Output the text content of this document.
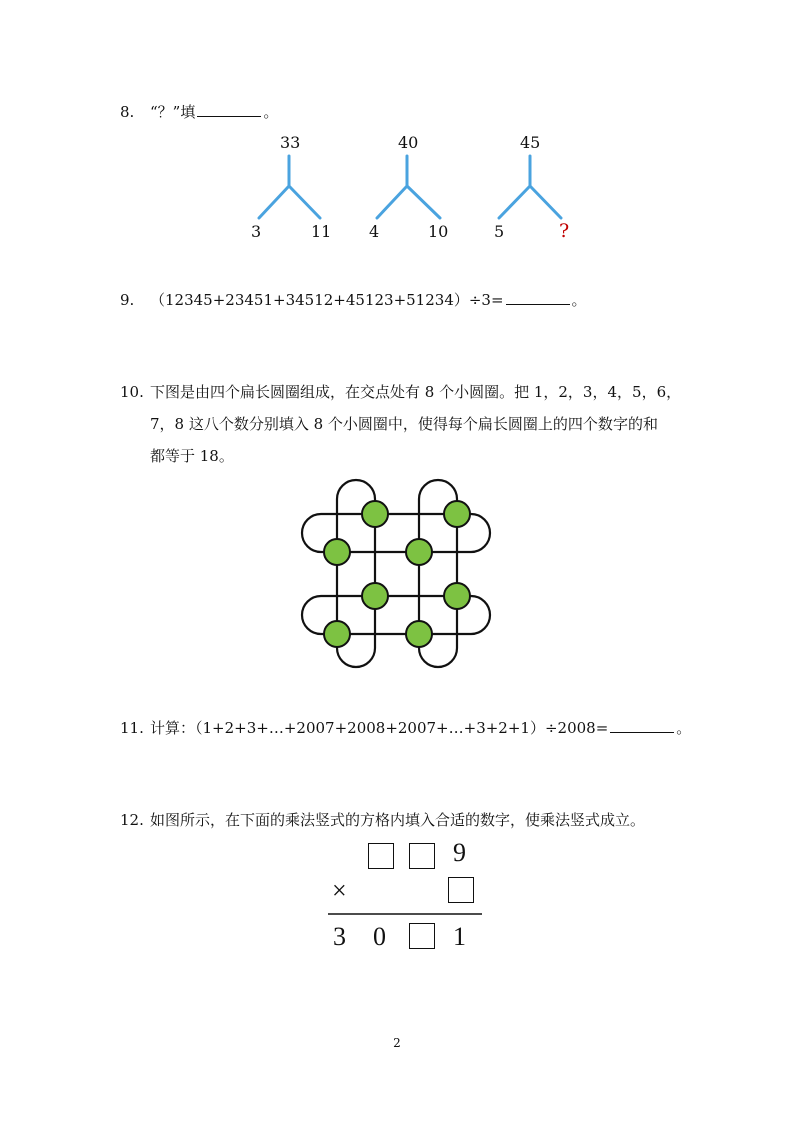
8. “？”填	。
33
3	11
40
4	10
45
5	?
9. （12345+23451+34512+45123+51234）÷3=	。
10. 下图是由四个扁长圆圈组成，在交点处有 8 个小圆圈。把 1，2，3，4，5，6，
7，8 这八个数分别填入 8 个小圆圈中，使得每个扁长圆圈上的四个数字的和
都等于 18。
11. 计算：（1+2+3+…+2007+2008+2007+…+3+2+1）÷2008=	。
12. 如图所示，在下面的乘法竖式的方格内填入合适的数字，使乘法竖式成立。
9
×
3 0	1
2
